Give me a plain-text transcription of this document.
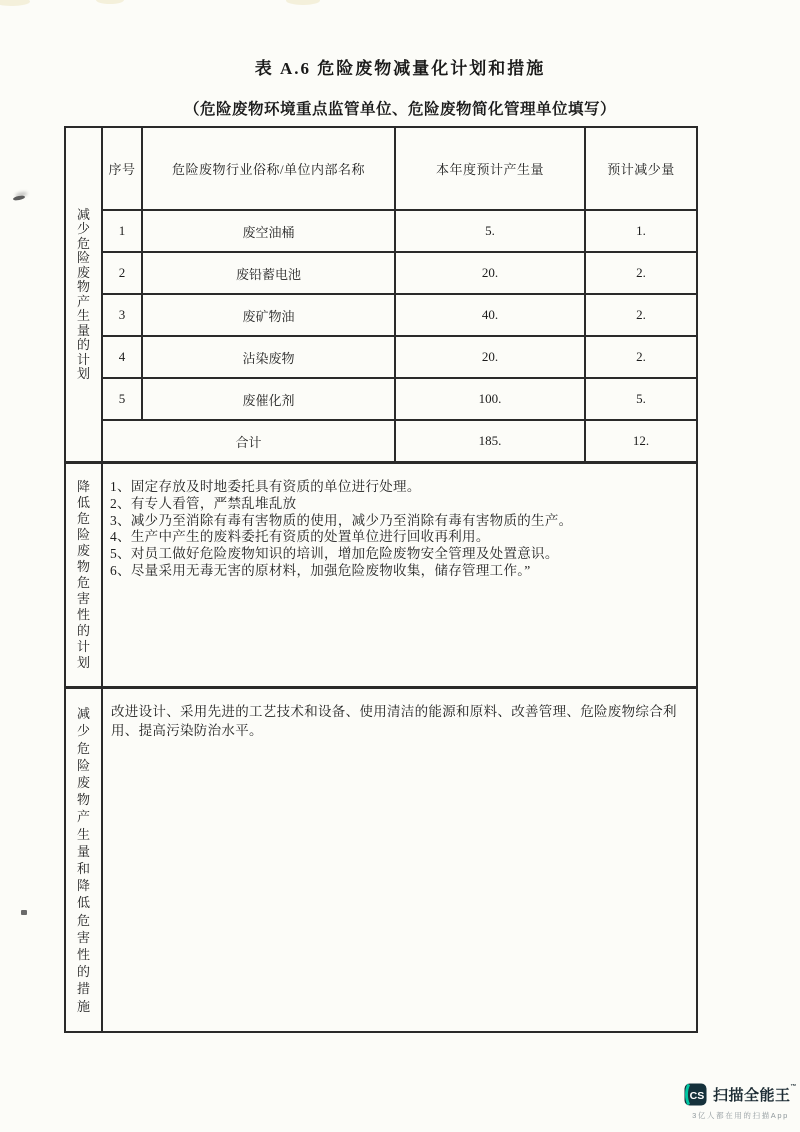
表 A.6 危险废物减量化计划和措施
（危险废物环境重点监管单位、危险废物简化管理单位填写）
减
少
危
险
废
物
产
生
量
的
计
划
序号	危险废物行业俗称/单位内部名称	本年度预计产生量	预计减少量
1	废空油桶	5.	1.
2	废铅蓄电池	20.	2.
3	废矿物油	40.	2.
4	沾染废物	20.	2.
5	废催化剂	100.	5.
合计	185.	12.
降
低
危
险
废
物
危
害
性
的
计
划
1、固定存放及时地委托具有资质的单位进行处理。
2、有专人看管，严禁乱堆乱放
3、减少乃至消除有毒有害物质的使用，减少乃至消除有毒有害物质的生产。
4、生产中产生的废料委托有资质的处置单位进行回收再利用。
5、对员工做好危险废物知识的培训，增加危险废物安全管理及处置意识。
6、尽量采用无毒无害的原材料，加强危险废物收集，储存管理工作。”
减
少
危
险
废
物
产
生
量
和
降
低
危
害
性
的
措
施
改进设计、采用先进的工艺技术和设备、使用清洁的能源和原料、改善管理、危险废物综合利用、提高污染防治水平。
CS 扫描全能王™
3亿人都在用的扫描App
